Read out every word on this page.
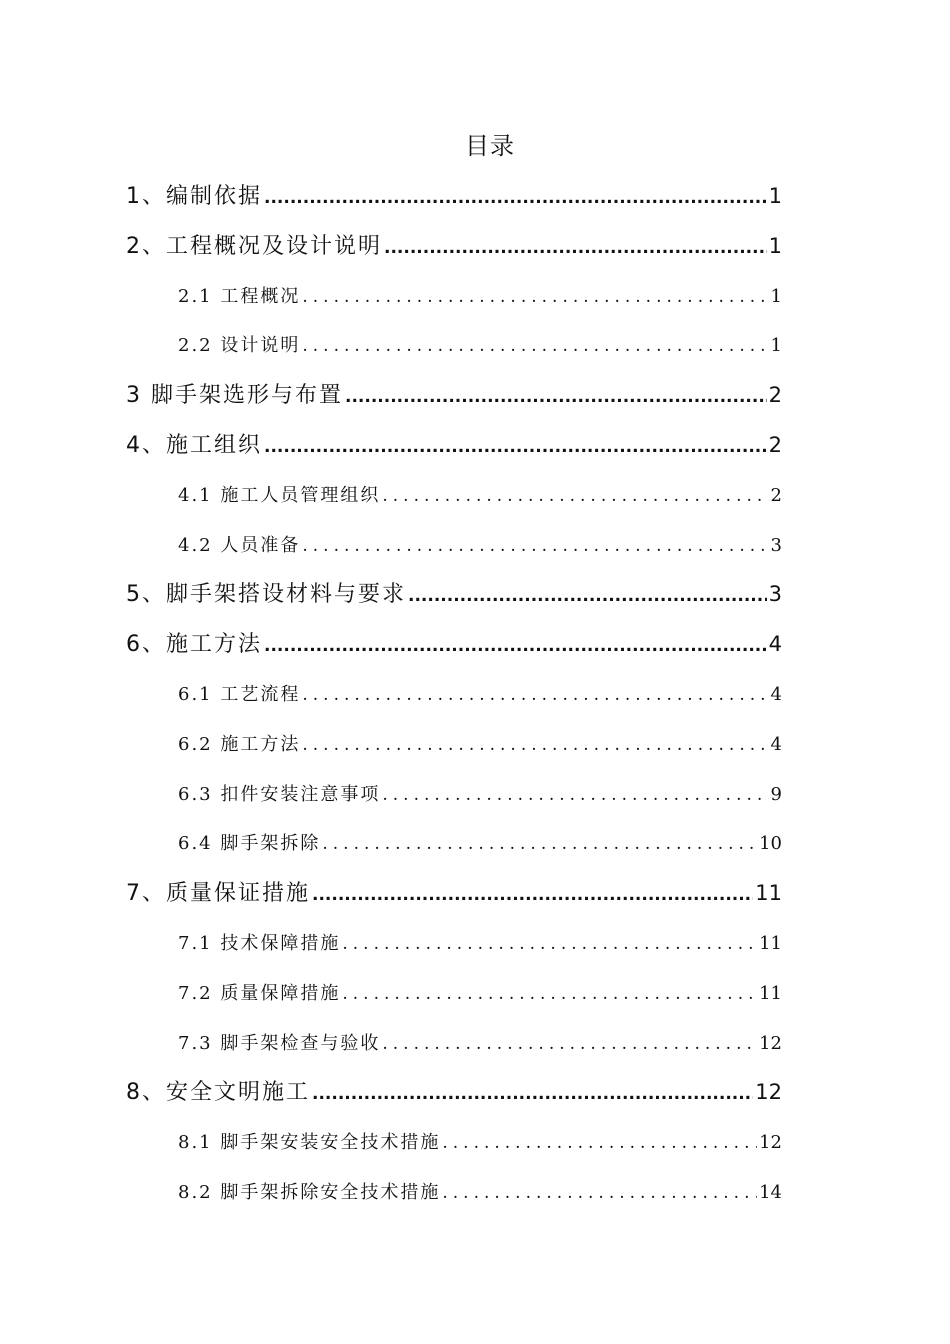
目录
1、编制依据 .....	1
2、工程概况及设计说明 .....	1
2.1 工程概况 .....	1
2.2 设计说明 .....	1
3 脚手架选形与布置 .....	2
4、施工组织 .....	2
4.1 施工人员管理组织 .....	2
4.2 人员准备 .....	3
5、脚手架搭设材料与要求 .....	3
6、施工方法 .....	4
6.1 工艺流程 .....	4
6.2 施工方法 .....	4
6.3 扣件安装注意事项 .....	9
6.4 脚手架拆除 .....	10
7、质量保证措施 .....	11
7.1 技术保障措施 .....	11
7.2 质量保障措施 .....	11
7.3 脚手架检查与验收 .....	12
8、安全文明施工 .....	12
8.1 脚手架安装安全技术措施 .....	12
8.2 脚手架拆除安全技术措施 .....	14
